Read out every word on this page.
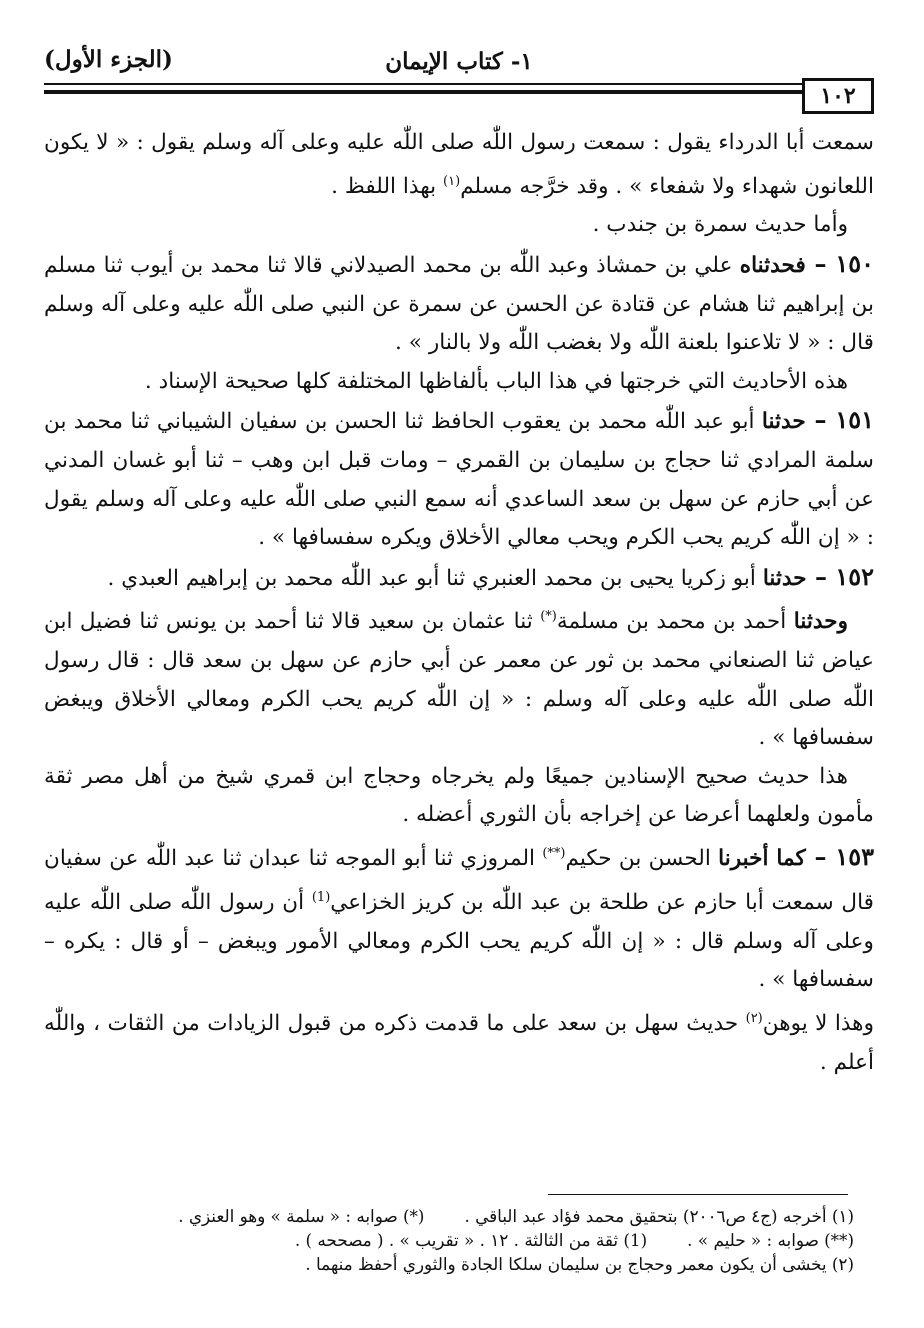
(الجزء الأول)	١- كتاب الإيمان
١٠٢

سمعت أبا الدرداء يقول : سمعت رسول اللّٰه صلى اللّٰه عليه وعلى آله وسلم يقول : « لا يكون اللعانون شهداء ولا شفعاء » . وقد خرَّجه مسلم$^{(١)}$ بهذا اللفظ .

وأما حديث سمرة بن جندب .

١٥٠ – فحدثناه علي بن حمشاذ وعبد اللّٰه بن محمد الصيدلاني قالا ثنا محمد بن أيوب ثنا مسلم بن إبراهيم ثنا هشام عن قتادة عن الحسن عن سمرة عن النبي صلى اللّٰه عليه وعلى آله وسلم قال : « لا تلاعنوا بلعنة اللّٰه ولا بغضب اللّٰه ولا بالنار » .

هذه الأحاديث التي خرجتها في هذا الباب بألفاظها المختلفة كلها صحيحة الإسناد .

١٥١ – حدثنا أبو عبد اللّٰه محمد بن يعقوب الحافظ ثنا الحسن بن سفيان الشيباني ثنا محمد بن سلمة المرادي ثنا حجاج بن سليمان بن القمري – ومات قبل ابن وهب – ثنا أبو غسان المدني عن أبي حازم عن سهل بن سعد الساعدي أنه سمع النبي صلى اللّٰه عليه وعلى آله وسلم يقول : « إن اللّٰه كريم يحب الكرم ويحب معالي الأخلاق ويكره سفسافها » .

١٥٢ – حدثنا أبو زكريا يحيى بن محمد العنبري ثنا أبو عبد اللّٰه محمد بن إبراهيم العبدي .

وحدثنا أحمد بن محمد بن مسلمة(*) ثنا عثمان بن سعيد قالا ثنا أحمد بن يونس ثنا فضيل ابن عياض ثنا الصنعاني محمد بن ثور عن معمر عن أبي حازم عن سهل بن سعد قال : قال رسول اللّٰه صلى اللّٰه عليه وعلى آله وسلم : « إن اللّٰه كريم يحب الكرم ومعالي الأخلاق ويبغض سفسافها » .

هذا حديث صحيح الإسنادين جميعًا ولم يخرجاه وحجاج ابن قمري شيخ من أهل مصر ثقة مأمون ولعلهما أعرضا عن إخراجه بأن الثوري أعضله .

١٥٣ – كما أخبرنا الحسن بن حكيم(**) المروزي ثنا أبو الموجه ثنا عبدان ثنا عبد اللّٰه عن سفيان قال سمعت أبا حازم عن طلحة بن عبد اللّٰه بن كريز الخزاعي$^{(1)}$ أن رسول اللّٰه صلى اللّٰه عليه وعلى آله وسلم قال : « إن اللّٰه كريم يحب الكرم ومعالي الأمور ويبغض – أو قال : يكره – سفسافها » .

وهذا لا يوهن$^{(٢)}$ حديث سهل بن سعد على ما قدمت ذكره من قبول الزيادات من الثقات ، واللّٰه أعلم .

(١) أخرجه (ج٤ ص٢٠٠٦) بتحقيق محمد فؤاد عبد الباقي .(*) صوابه : « سلمة » وهو العنزي .

(**) صوابه : « حليم » .(1) ثقة من الثالثة . ١٢ . « تقريب » . ( مصححه ) .

(٢) يخشى أن يكون معمر وحجاج بن سليمان سلكا الجادة والثوري أحفظ منهما .
